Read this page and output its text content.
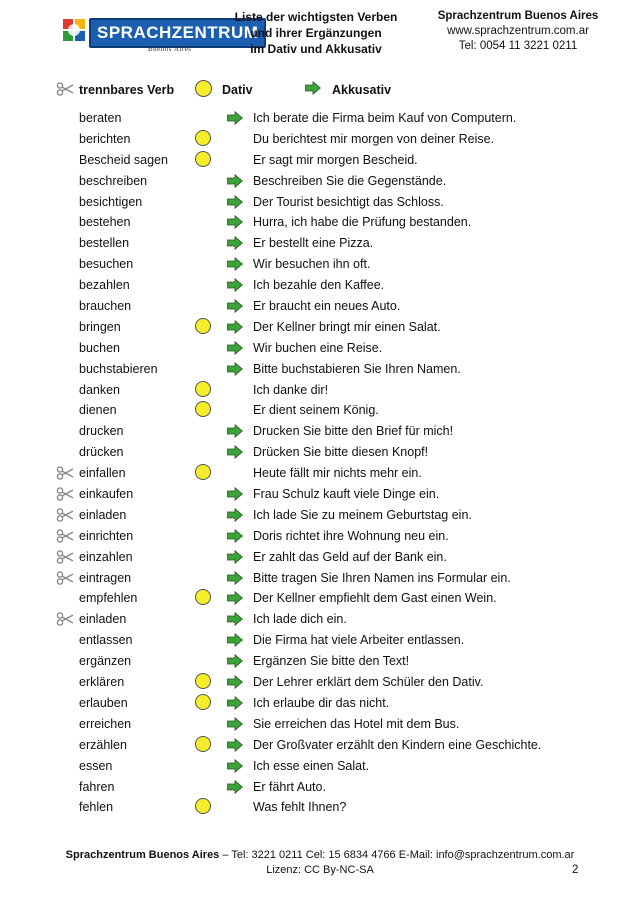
SPRACHZENTRUM
Buenos Aires
Liste der wichtigsten Verben
und ihrer Ergänzungen
im Dativ und Akkusativ
Sprachzentrum Buenos Aires
www.sprachzentrum.com.ar
Tel: 0054 11 3221 0211
trennbares Verb	Dativ	Akkusativ
beraten	Ich berate die Firma beim Kauf von Computern.
berichten	Du berichtest mir morgen von deiner Reise.
Bescheid sagen	Er sagt mir morgen Bescheid.
beschreiben	Beschreiben Sie die Gegenstände.
besichtigen	Der Tourist besichtigt das Schloss.
bestehen	Hurra, ich habe die Prüfung bestanden.
bestellen	Er bestellt eine Pizza.
besuchen	Wir besuchen ihn oft.
bezahlen	Ich bezahle den Kaffee.
brauchen	Er braucht ein neues Auto.
bringen	Der Kellner bringt mir einen Salat.
buchen	Wir buchen eine Reise.
buchstabieren	Bitte buchstabieren Sie Ihren Namen.
danken	Ich danke dir!
dienen	Er dient seinem König.
drucken	Drucken Sie bitte den Brief für mich!
drücken	Drücken Sie bitte diesen Knopf!
einfallen	Heute fällt mir nichts mehr ein.
einkaufen	Frau Schulz kauft viele Dinge ein.
einladen	Ich lade Sie zu meinem Geburtstag ein.
einrichten	Doris richtet ihre Wohnung neu ein.
einzahlen	Er zahlt das Geld auf der Bank ein.
eintragen	Bitte tragen Sie Ihren Namen ins Formular ein.
empfehlen	Der Kellner empfiehlt dem Gast einen Wein.
einladen	Ich lade dich ein.
entlassen	Die Firma hat viele Arbeiter entlassen.
ergänzen	Ergänzen Sie bitte den Text!
erklären	Der Lehrer erklärt dem Schüler den Dativ.
erlauben	Ich erlaube dir das nicht.
erreichen	Sie erreichen das Hotel mit dem Bus.
erzählen	Der Großvater erzählt den Kindern eine Geschichte.
essen	Ich esse einen Salat.
fahren	Er fährt Auto.
fehlen	Was fehlt Ihnen?
Sprachzentrum Buenos Aires – Tel: 3221 0211 Cel: 15 6834 4766 E-Mail: info@sprachzentrum.com.ar
Lizenz: CC By-NC-SA	2
